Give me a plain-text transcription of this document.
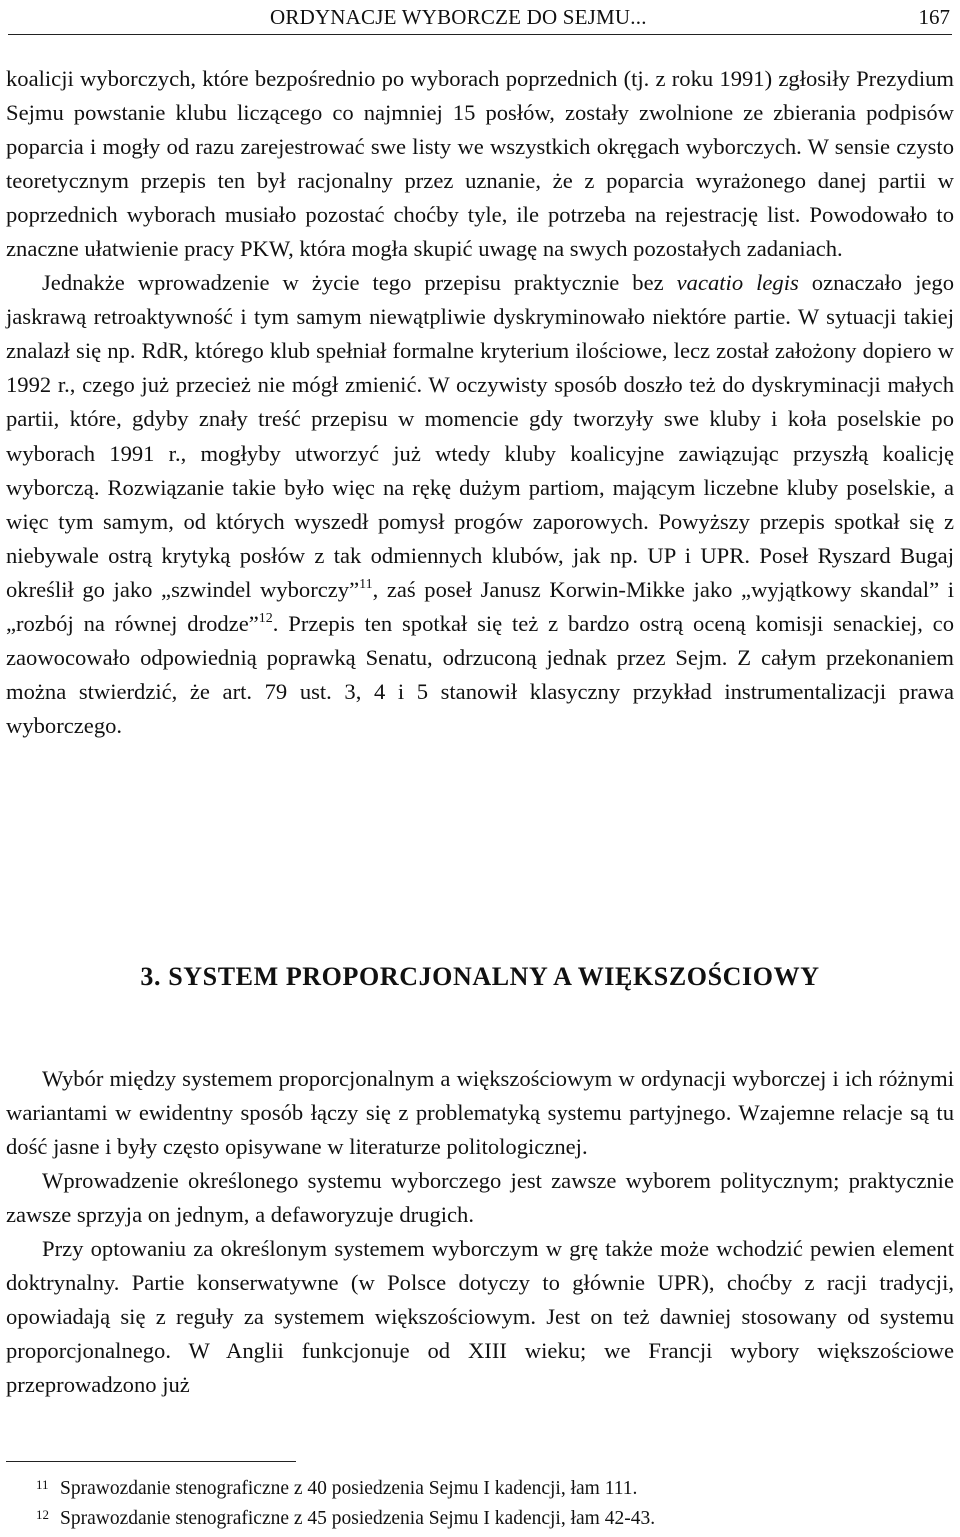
ORDYNACJE WYBORCZE DO SEJMU...	167

koalicji wyborczych, które bezpośrednio po wyborach poprzednich (tj. z roku 1991) zgłosiły Prezydium Sejmu powstanie klubu liczącego co najmniej 15 posłów, zostały zwolnione ze zbierania podpisów poparcia i mogły od razu zarejestrować swe listy we wszystkich okręgach wyborczych. W sensie czysto teoretycznym przepis ten był racjonalny przez uznanie, że z poparcia wyrażonego danej partii w poprzednich wyborach musiało pozostać choćby tyle, ile potrzeba na rejestrację list. Powodowało to znaczne ułatwienie pracy PKW, która mogła skupić uwagę na swych pozostałych zadaniach.

Jednakże wprowadzenie w życie tego przepisu praktycznie bez vacatio legis oznaczało jego jaskrawą retroaktywność i tym samym niewątpliwie dyskryminowało niektóre partie. W sytuacji takiej znalazł się np. RdR, którego klub spełniał formalne kryterium ilościowe, lecz został założony dopiero w 1992 r., czego już przecież nie mógł zmienić. W oczywisty sposób doszło też do dyskryminacji małych partii, które, gdyby znały treść przepisu w momencie gdy tworzyły swe kluby i koła poselskie po wyborach 1991 r., mogłyby utworzyć już wtedy kluby koalicyjne zawiązując przyszłą koalicję wyborczą. Rozwiązanie takie było więc na rękę dużym partiom, mającym liczebne kluby poselskie, a więc tym samym, od których wyszedł pomysł progów zaporowych. Powyższy przepis spotkał się z niebywale ostrą krytyką posłów z tak odmiennych klubów, jak np. UP i UPR. Poseł Ryszard Bugaj określił go jako „szwindel wyborczy”$^{11}$, zaś poseł Janusz Korwin-Mikke jako „wyjątkowy skandal” i „rozbój na równej drodze”$^{12}$. Przepis ten spotkał się też z bardzo ostrą oceną komisji senackiej, co zaowocowało odpowiednią poprawką Senatu, odrzuconą jednak przez Sejm. Z całym przekonaniem można stwierdzić, że art. 79 ust. 3, 4 i 5 stanowił klasyczny przykład instrumentalizacji prawa wyborczego.

3. SYSTEM PROPORCJONALNY A WIĘKSZOŚCIOWY

Wybór między systemem proporcjonalnym a większościowym w ordynacji wyborczej i ich różnymi wariantami w ewidentny sposób łączy się z problematyką systemu partyjnego. Wzajemne relacje są tu dość jasne i były często opisywane w literaturze politologicznej.

Wprowadzenie określonego systemu wyborczego jest zawsze wyborem politycznym; praktycznie zawsze sprzyja on jednym, a defaworyzuje drugich.

Przy optowaniu za określonym systemem wyborczym w grę także może wchodzić pewien element doktrynalny. Partie konserwatywne (w Polsce dotyczy to głównie UPR), choćby z racji tradycji, opowiadają się z reguły za systemem większościowym. Jest on też dawniej stosowany od systemu proporcjonalnego. W Anglii funkcjonuje od XIII wieku; we Francji wybory większościowe przeprowadzono już

11 Sprawozdanie stenograficzne z 40 posiedzenia Sejmu I kadencji, łam 111.
12 Sprawozdanie stenograficzne z 45 posiedzenia Sejmu I kadencji, łam 42-43.
